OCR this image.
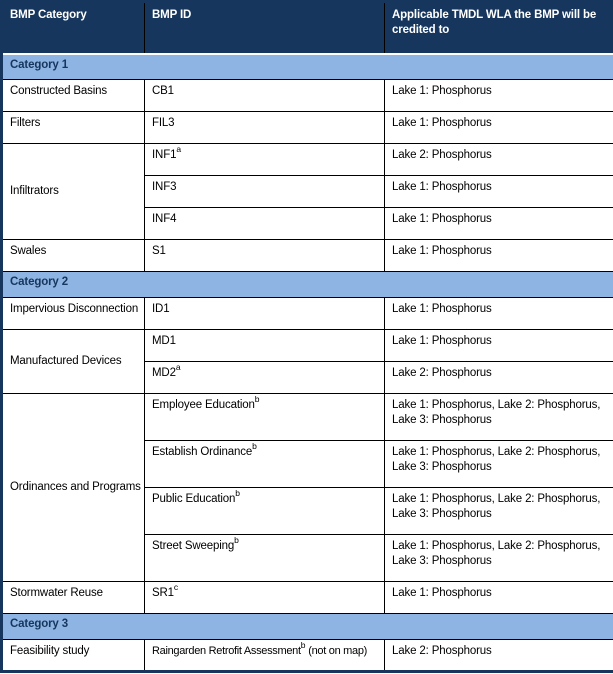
BMP Category	BMP ID	Applicable TMDL WLA the BMP will be credited to
Category 1		
Constructed Basins	CB1	Lake 1: Phosphorus
Filters	FIL3	Lake 1: Phosphorus
Infiltrators	INF1$^a$	Lake 2: Phosphorus
	INF3	Lake 1: Phosphorus
	INF4	Lake 1: Phosphorus
Swales	S1	Lake 1: Phosphorus
Category 2		
Impervious Disconnection	ID1	Lake 1: Phosphorus
Manufactured Devices	MD1	Lake 1: Phosphorus
	MD2$^a$	Lake 2: Phosphorus
Ordinances and Programs	Employee Education$^b$	Lake 1: Phosphorus, Lake 2: Phosphorus, Lake 3: Phosphorus
	Establish Ordinance$^b$	Lake 1: Phosphorus, Lake 2: Phosphorus, Lake 3: Phosphorus
	Public Education$^b$	Lake 1: Phosphorus, Lake 2: Phosphorus, Lake 3: Phosphorus
	Street Sweeping$^b$	Lake 1: Phosphorus, Lake 2: Phosphorus, Lake 3: Phosphorus
Stormwater Reuse	SR1$^c$	Lake 1: Phosphorus
Category 3		
Feasibility study	Raingarden Retrofit Assessment$^b$ (not on map)	Lake 2: Phosphorus
